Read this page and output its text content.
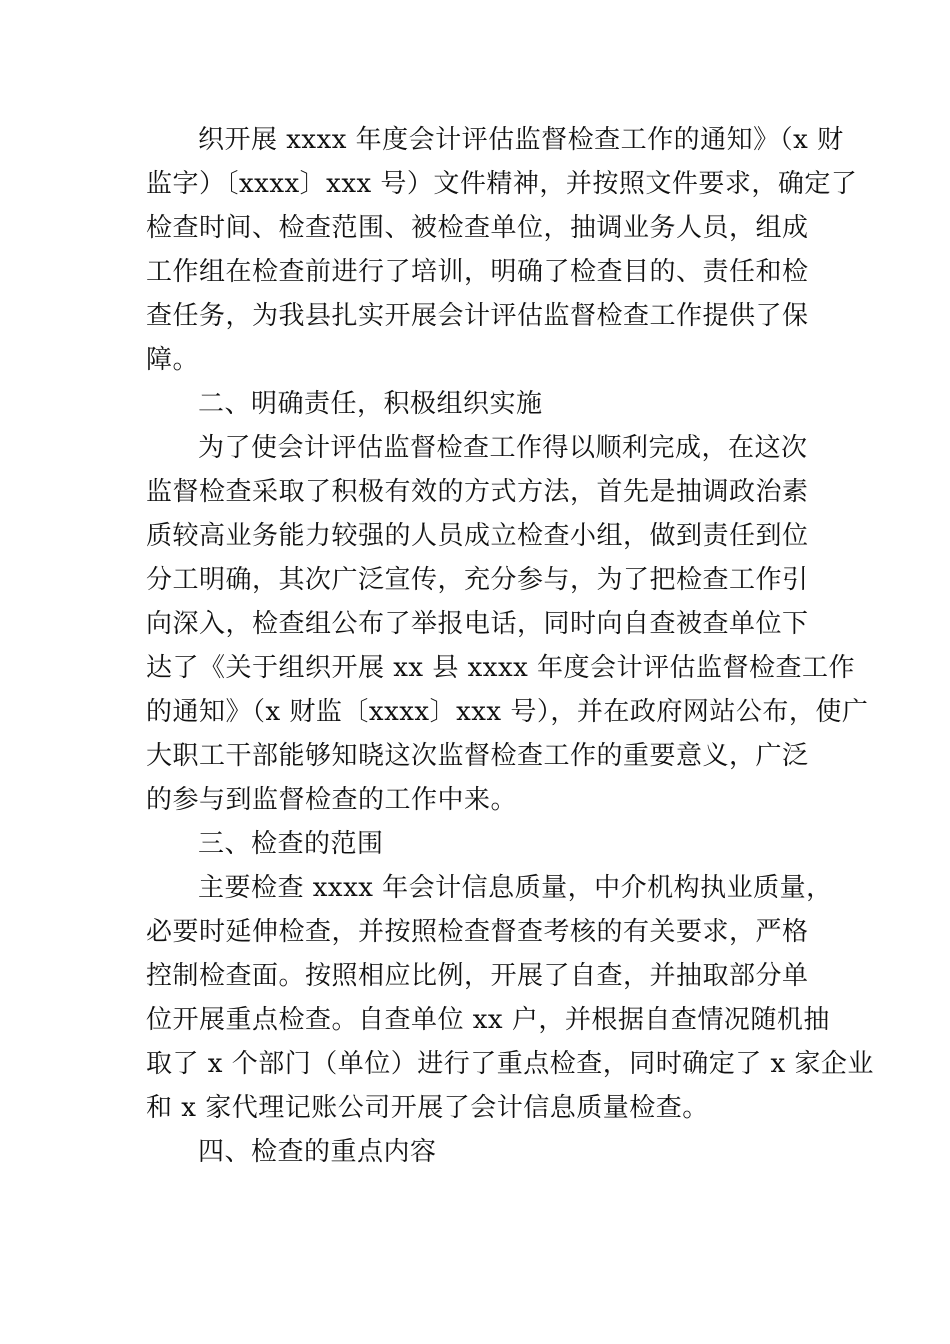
织开展 xxxx 年度会计评估监督检查工作的通知》（x 财
监字）〔xxxx〕xxx 号）文件精神，并按照文件要求，确定了
检查时间、检查范围、被检查单位，抽调业务人员，组成
工作组在检查前进行了培训，明确了检查目的、责任和检
查任务，为我县扎实开展会计评估监督检查工作提供了保
障。
二、明确责任，积极组织实施
为了使会计评估监督检查工作得以顺利完成，在这次
监督检查采取了积极有效的方式方法，首先是抽调政治素
质较高业务能力较强的人员成立检查小组，做到责任到位
分工明确，其次广泛宣传，充分参与，为了把检查工作引
向深入，检查组公布了举报电话，同时向自查被查单位下
达了《关于组织开展 xx 县 xxxx 年度会计评估监督检查工作
的通知》（x 财监〔xxxx〕xxx 号），并在政府网站公布，使广
大职工干部能够知晓这次监督检查工作的重要意义，广泛
的参与到监督检查的工作中来。
三、检查的范围
主要检查 xxxx 年会计信息质量，中介机构执业质量，
必要时延伸检查，并按照检查督查考核的有关要求，严格
控制检查面。按照相应比例，开展了自查，并抽取部分单
位开展重点检查。自查单位 xx 户，并根据自查情况随机抽
取了 x 个部门（单位）进行了重点检查，同时确定了 x 家企业
和 x 家代理记账公司开展了会计信息质量检查。
四、检查的重点内容
